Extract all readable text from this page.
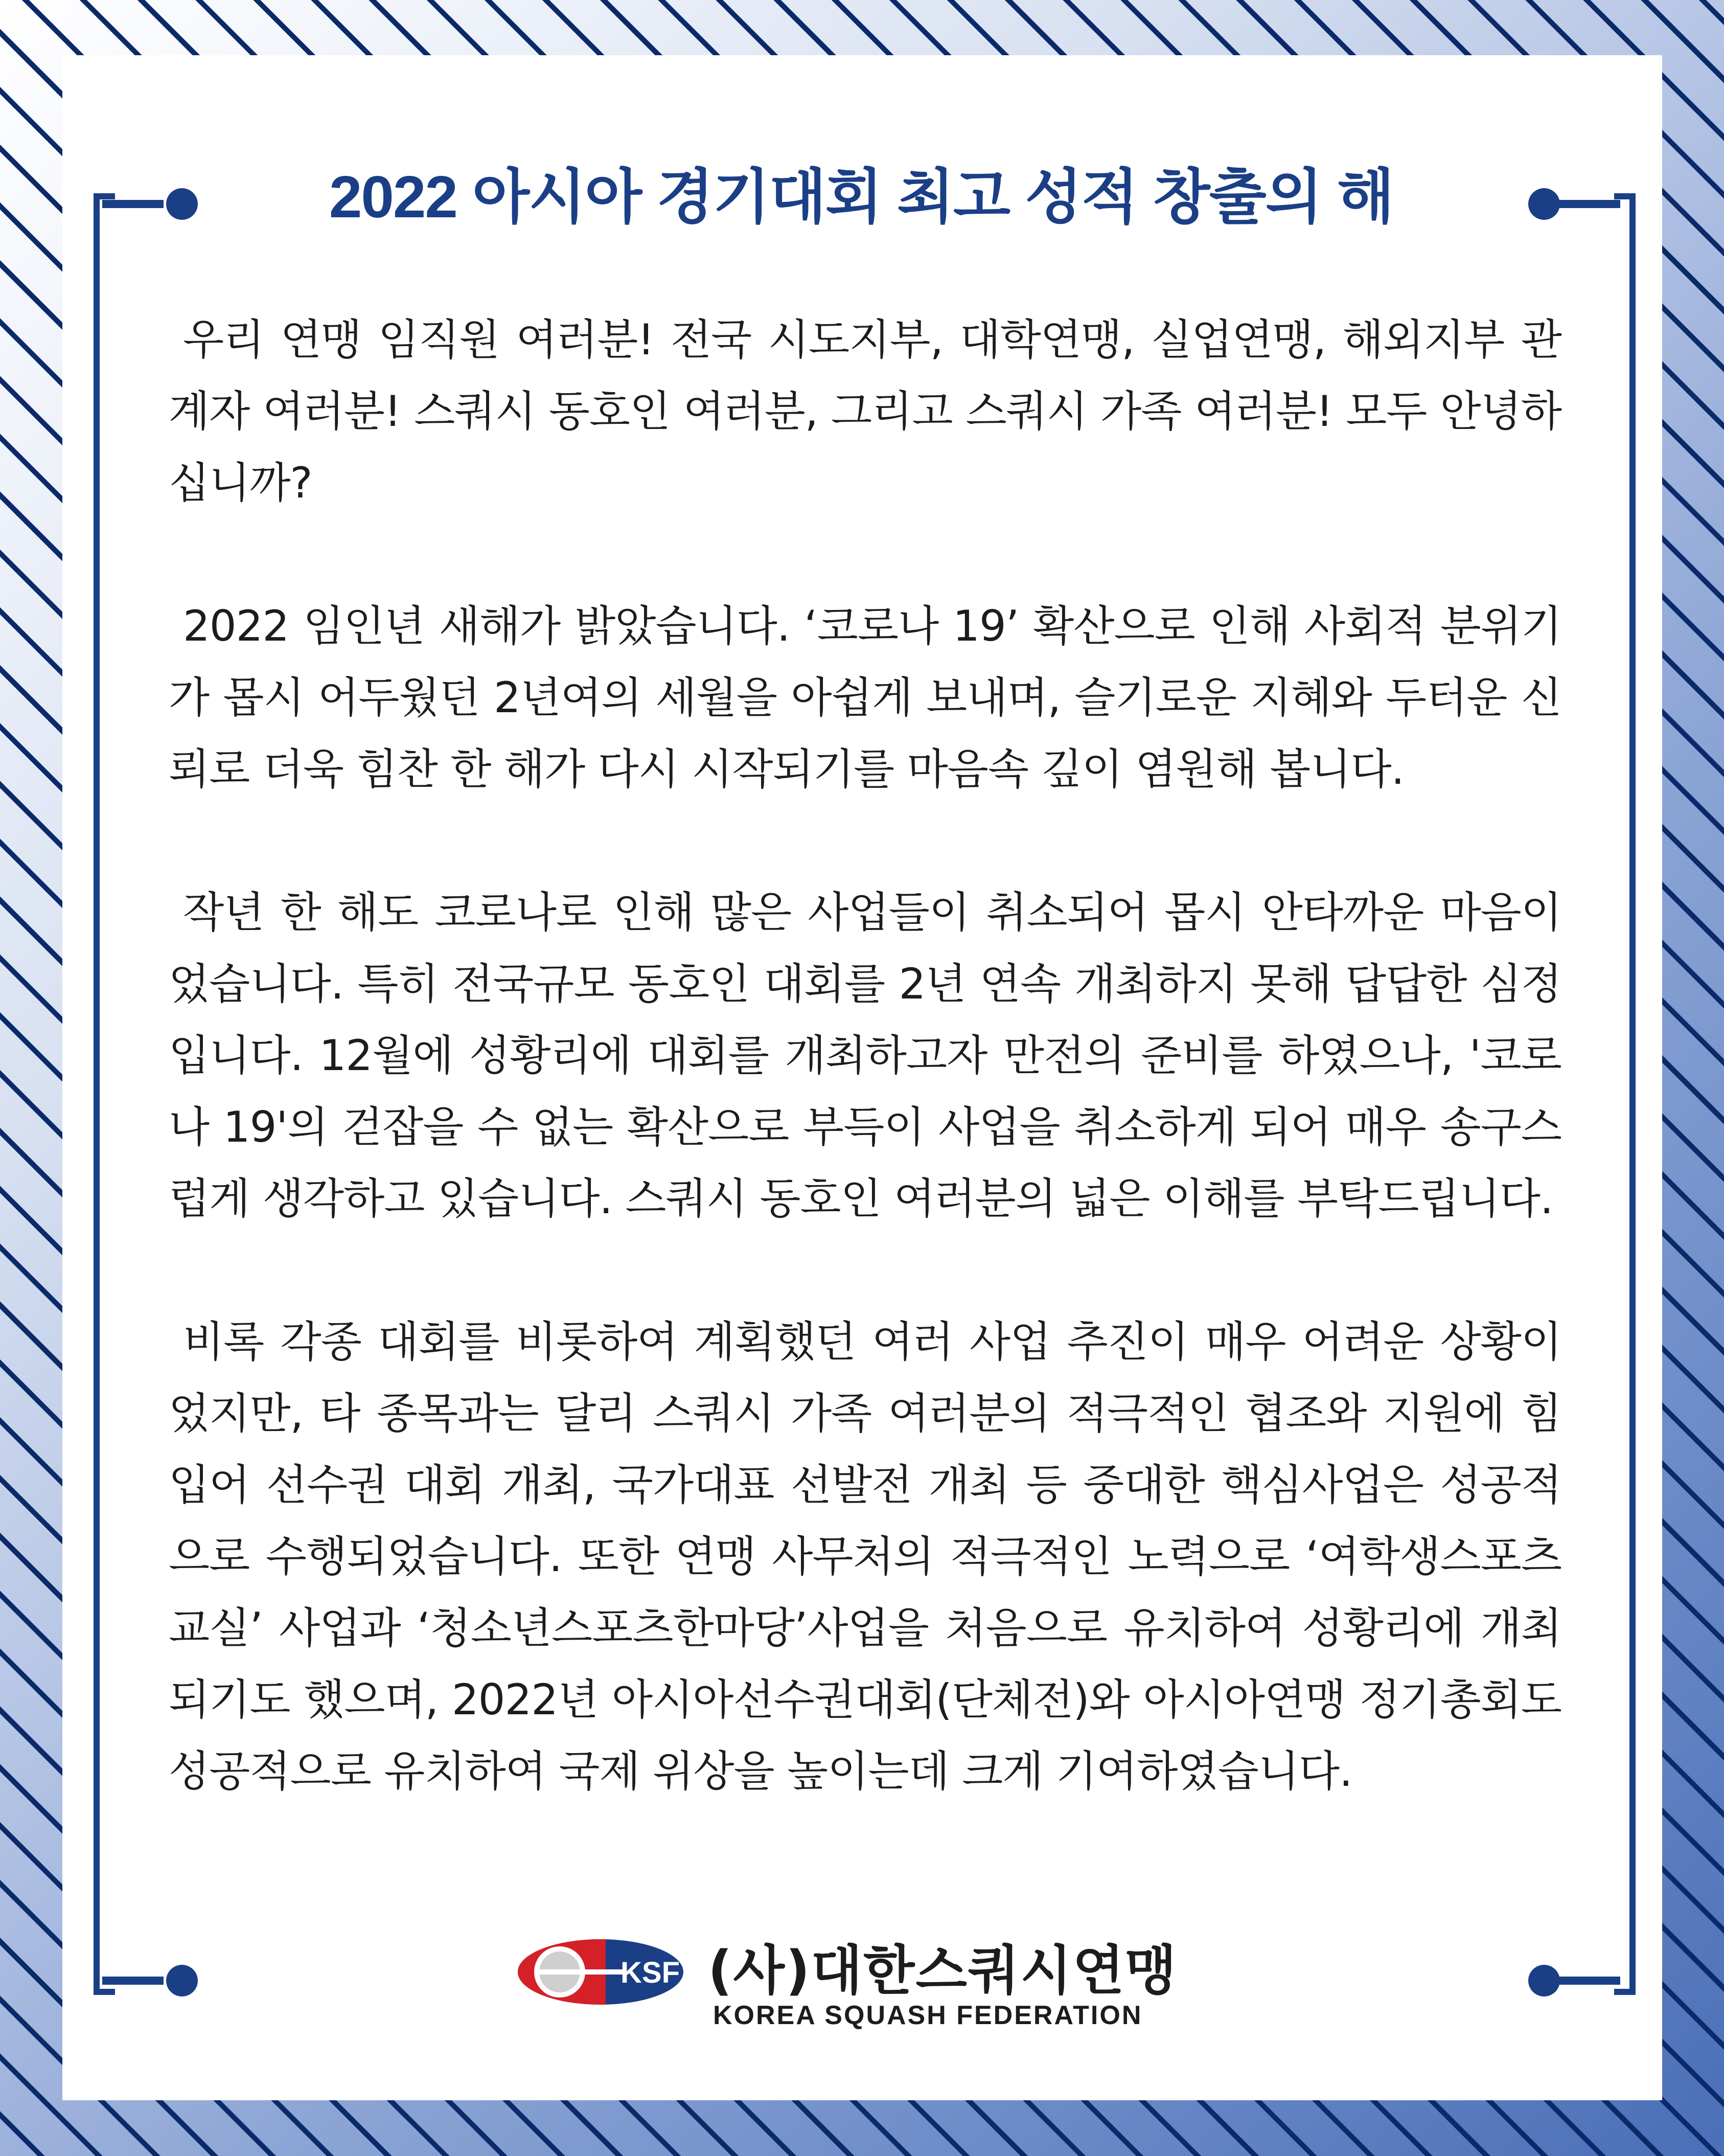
2022 아시아 경기대회 최고 성적 창출의 해

우리 연맹 임직원 여러분! 전국 시도지부, 대학연맹, 실업연맹, 해외지부 관계자 여러분! 스쿼시 동호인 여러분, 그리고 스쿼시 가족 여러분! 모두 안녕하십니까?

2022 임인년 새해가 밝았습니다. ‘코로나 19’ 확산으로 인해 사회적 분위기가 몹시 어두웠던 2년여의 세월을 아쉽게 보내며, 슬기로운 지혜와 두터운 신뢰로 더욱 힘찬 한 해가 다시 시작되기를 마음속 깊이 염원해 봅니다.

작년 한 해도 코로나로 인해 많은 사업들이 취소되어 몹시 안타까운 마음이었습니다. 특히 전국규모 동호인 대회를 2년 연속 개최하지 못해 답답한 심정입니다. 12월에 성황리에 대회를 개최하고자 만전의 준비를 하였으나, '코로나 19'의 걷잡을 수 없는 확산으로 부득이 사업을 취소하게 되어 매우 송구스럽게 생각하고 있습니다. 스쿼시 동호인 여러분의 넓은 이해를 부탁드립니다.

비록 각종 대회를 비롯하여 계획했던 여러 사업 추진이 매우 어려운 상황이었지만, 타 종목과는 달리 스쿼시 가족 여러분의 적극적인 협조와 지원에 힘입어 선수권 대회 개최, 국가대표 선발전 개최 등 중대한 핵심사업은 성공적으로 수행되었습니다. 또한 연맹 사무처의 적극적인 노력으로 ‘여학생스포츠교실’ 사업과 ‘청소년스포츠한마당’사업을 처음으로 유치하여 성황리에 개최되기도 했으며, 2022년 아시아선수권대회(단체전)와 아시아연맹 정기총회도 성공적으로 유치하여 국제 위상을 높이는데 크게 기여하였습니다.

KSF (사)대한스쿼시연맹
KOREA SQUASH FEDERATION
